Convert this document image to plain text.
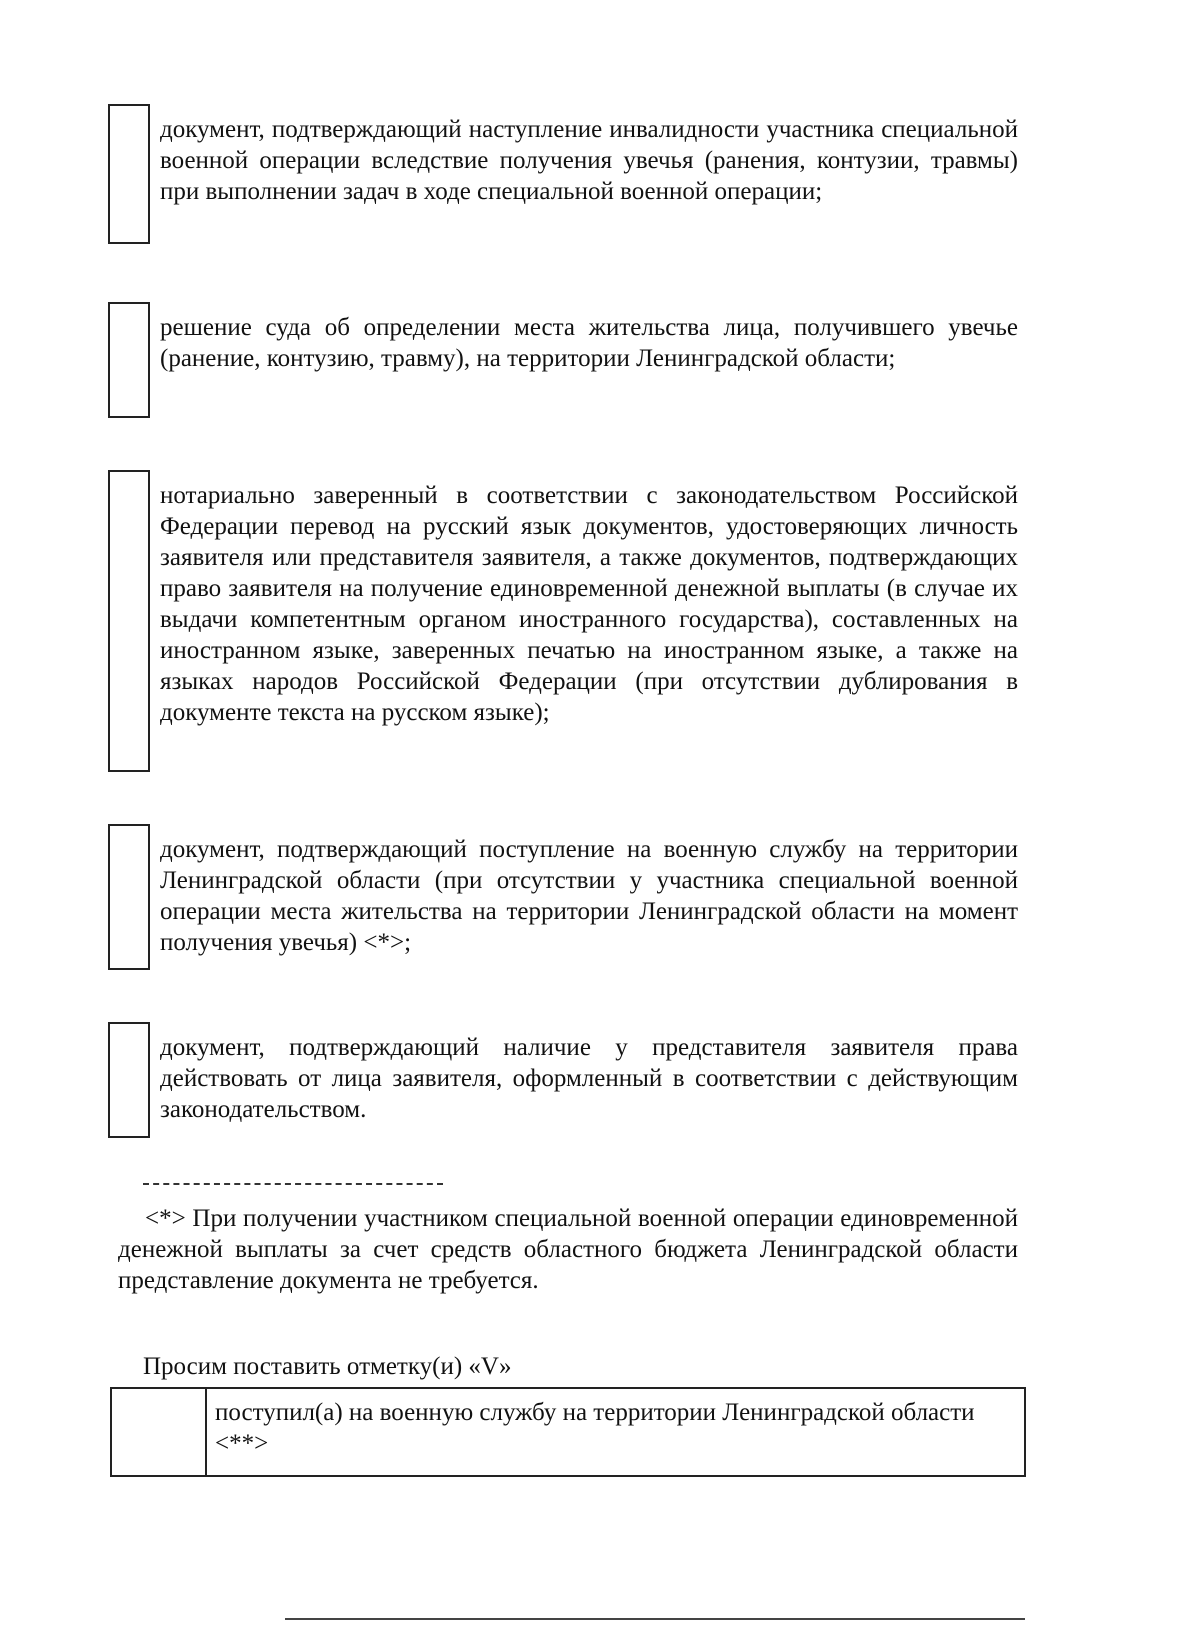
документ, подтверждающий наступление инвалидности участника специальной военной операции вследствие получения увечья (ранения, контузии, травмы) при выполнении задач в ходе специальной военной операции;
решение суда об определении места жительства лица, получившего увечье (ранение, контузию, травму), на территории Ленинградской области;
нотариально заверенный в соответствии с законодательством Российской Федерации перевод на русский язык документов, удостоверяющих личность заявителя или представителя заявителя, а также документов, подтверждающих право заявителя на получение единовременной денежной выплаты (в случае их выдачи компетентным органом иностранного государства), составленных на иностранном языке, заверенных печатью на иностранном языке, а также на языках народов Российской Федерации (при отсутствии дублирования в документе текста на русском языке);
документ, подтверждающий поступление на военную службу на территории Ленинградской области (при отсутствии у участника специальной военной операции места жительства на территории Ленинградской области на момент получения увечья) <*>;
документ, подтверждающий наличие у представителя заявителя права действовать от лица заявителя, оформленный в соответствии с действующим законодательством.
<*> При получении участником специальной военной операции единовременной денежной выплаты за счет средств областного бюджета Ленинградской области представление документа не требуется.
Просим поставить отметку(и) «V»
поступил(а) на военную службу на территории Ленинградской области <**>
